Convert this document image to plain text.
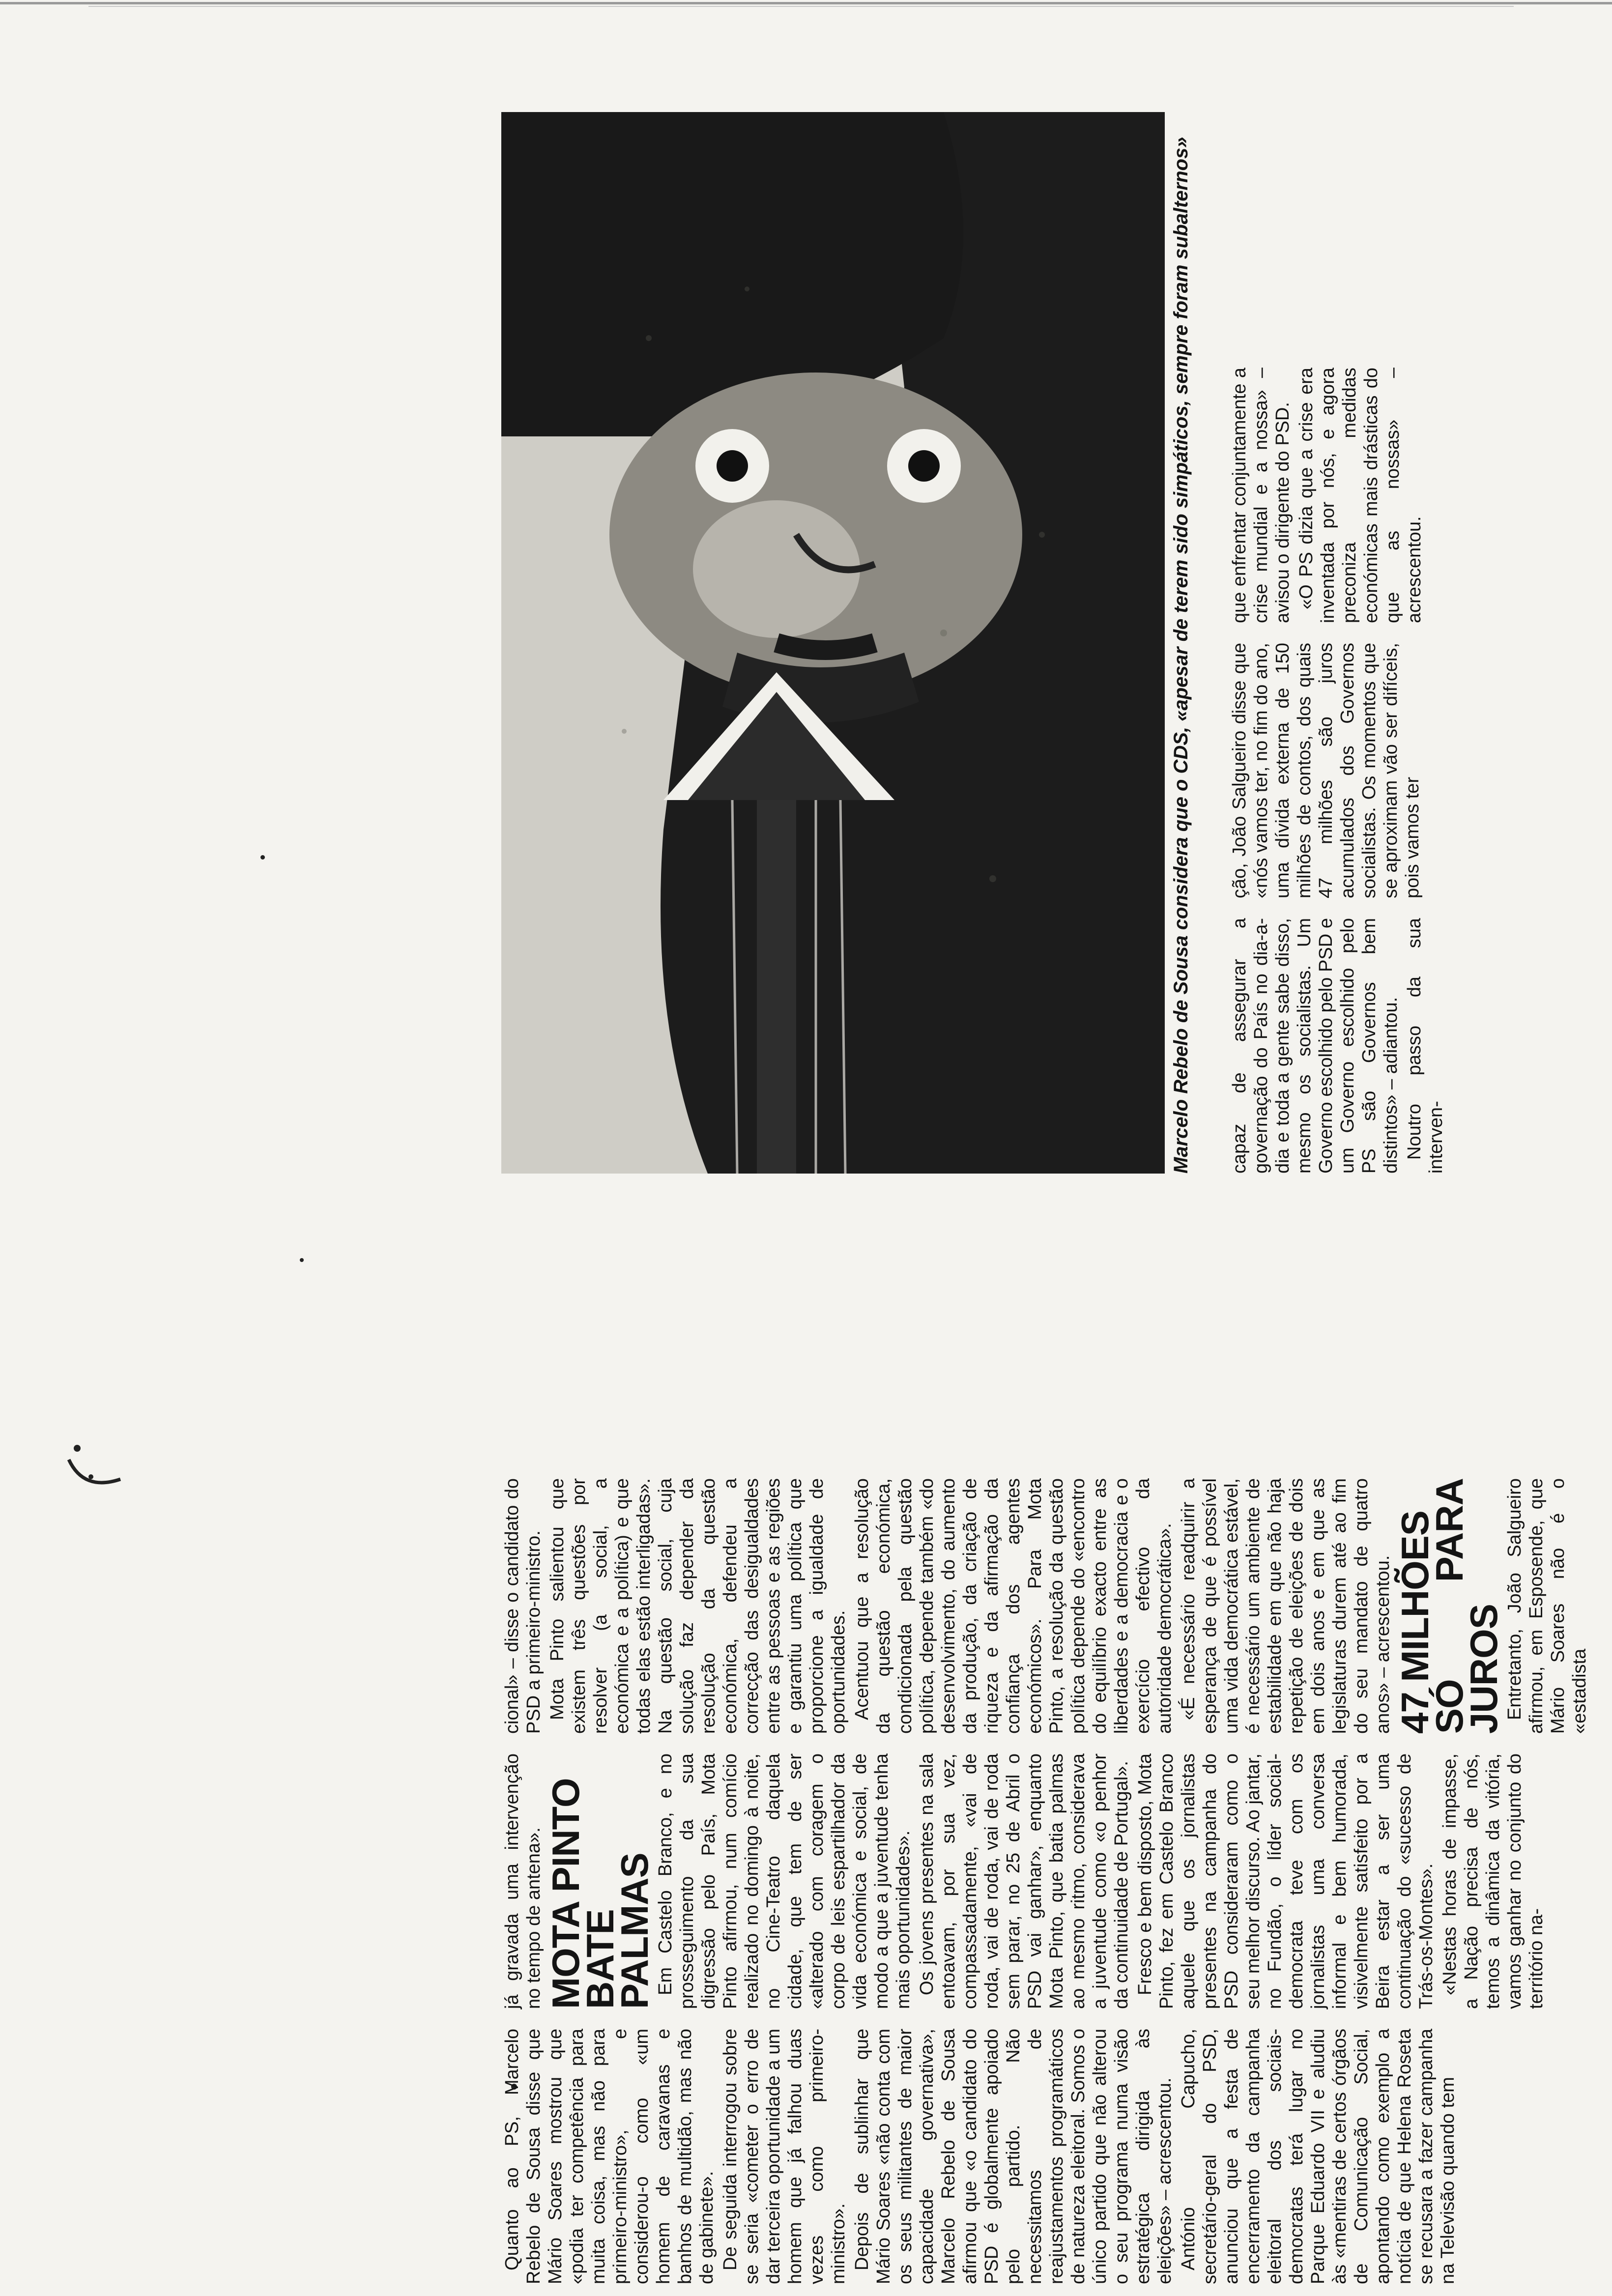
Quanto ao PS, Marcelo Rebelo de Sousa disse que Mário Soares mostrou que «podia ter competência para muita coisa, mas não para primeiro-ministro», e considerou-o como «um homem de caravanas e banhos de multidão, mas não de gabinete». De seguida interrogou sobre se seria «cometer o erro de dar terceira oportunidade a um homem que já falhou duas vezes como primeiro-ministro». Depois de sublinhar que Mário Soares «não conta com os seus militantes de maior capacidade governativa», Marcelo Rebelo de Sousa afirmou que «o candidato do PSD é globalmente apoiado pelo partido. Não necessitamos de reajustamentos programáticos de natureza eleitoral. Somos o único partido que não alterou o seu programa numa visão estratégica dirigida às eleições» – acrescentou. António Capucho, secretário-geral do PSD, anunciou que a festa de encerramento da campanha eleitoral dos sociais-democratas terá lugar no Parque Eduardo VII e aludiu às «mentiras de certos órgãos de Comunicação Social, apontando como exemplo a notícia de que Helena Roseta se recusara a fazer campanha na Televisão quando tem

já gravada uma intervenção no tempo de antena». MOTA PINTO
BATE PALMAS

Em Castelo Branco, e no prosseguimento da sua digressão pelo País, Mota Pinto afirmou, num comício realizado no domingo à noite, no Cine-Teatro daquela cidade, que tem de ser «alterado com coragem o corpo de leis espartilhador da vida económica e social, de modo a que a juventude tenha mais oportunidades». Os jovens presentes na sala entoavam, por sua vez, compassadamente, «vai de roda, vai de roda, vai de roda sem parar, no 25 de Abril o PSD vai ganhar», enquanto Mota Pinto, que batia palmas ao mesmo ritmo, considerava a juventude como «o penhor da continuidade de Portugal». Fresco e bem disposto, Mota Pinto, fez em Castelo Branco aquele que os jornalistas presentes na campanha do PSD consideraram como o seu melhor discurso. Ao jantar, no Fundão, o líder social-democrata teve com os jornalistas uma conversa informal e bem humorada, visivelmente satisfeito por a Beira estar a ser uma continuação do «sucesso de Trás-os-Montes». «Nestas horas de impasse, a Nação precisa de nós, temos a dinâmica da vitória, vamos ganhar no conjunto do território na-

cional» – disse o candidato do PSD a primeiro-ministro. Mota Pinto salientou que existem três questões por resolver (a social, a económica e a política) e que todas elas estão interligadas». Na questão social, cuja solução faz depender da resolução da questão económica, defendeu a correcção das desigualdades entre as pessoas e as regiões e garantiu uma política que proporcione a igualdade de oportunidades. Acentuou que a resolução da questão económica, condicionada pela questão política, depende também «do desenvolvimento, do aumento da produção, da criação de riqueza e da afirmação da confiança dos agentes económicos». Para Mota Pinto, a resolução da questão política depende do «encontro do equilíbrio exacto entre as liberdades e a democracia e o exercício efectivo da autoridade democrática». «É necessário readquirir a esperança de que é possível uma vida democrática estável, é necessário um ambiente de estabilidade em que não haja repetição de eleições de dois em dois anos e em que as legislaturas durem até ao fim do seu mandato de quatro anos» – acrescentou. 47 MILHÕES
SÓ PARA JUROS

Entretanto, João Salgueiro afirmou, em Esposende, que Mário Soares não é o «estadista

Marcelo Rebelo de Sousa considera que o CDS, «apesar de terem sido simpáticos, sempre foram subalternos» capaz de assegurar a governação do País no dia-a-dia e toda a gente sabe disso, mesmo os socialistas. Um Governo escolhido pelo PSD e um Governo escolhido pelo PS são Governos bem distintos» – adiantou. Noutro passo da sua interven-

ção, João Salgueiro disse que «nós vamos ter, no fim do ano, uma dívida externa de 150 milhões de contos, dos quais 47 milhões são juros acumulados dos Governos socialistas. Os momentos que se aproximam vão ser difíceis, pois vamos ter

que enfrentar conjuntamente a crise mundial e a nossa» – avisou o dirigente do PSD. «O PS dizia que a crise era inventada por nós, e agora preconiza medidas económicas mais drásticas do que as nossas» – acrescentou.
